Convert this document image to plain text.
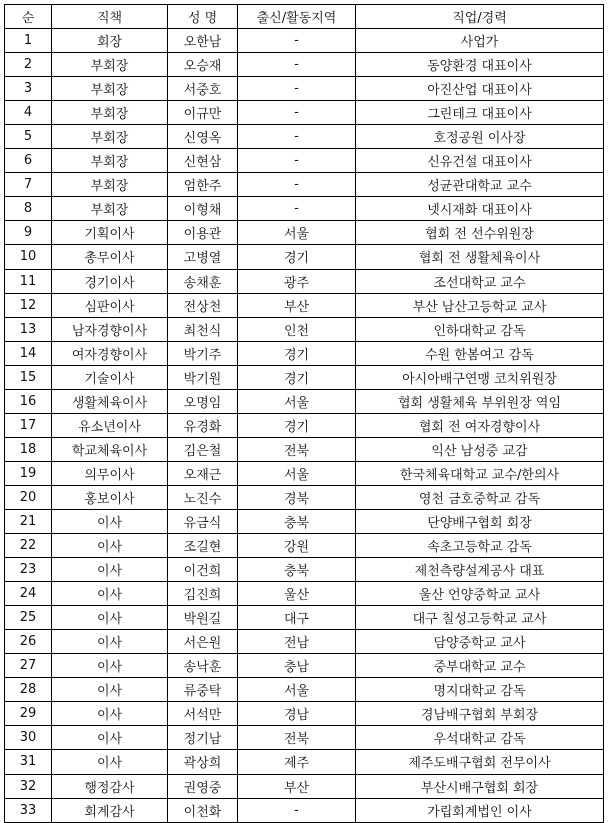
순	직책	성 명	출신/활동지역	직업/경력
1	회장	오한남	-	사업가
2	부회장	오승재	-	동양환경 대표이사
3	부회장	서중호	-	아진산업 대표이사
4	부회장	이규만	-	그린테크 대표이사
5	부회장	신영옥	-	호정공원 이사장
6	부회장	신현삼	-	신유건설 대표이사
7	부회장	엄한주	-	성균관대학교 교수
8	부회장	이형채	-	넷시재화 대표이사
9	기획이사	이용관	서울	협회 전 선수위원장
10	총무이사	고병열	경기	협회 전 생활체육이사
11	경기이사	송채훈	광주	조선대학교 교수
12	심판이사	전상천	부산	부산 남산고등학교 교사
13	남자경향이사	최천식	인천	인하대학교 감독
14	여자경향이사	박기주	경기	수원 한봄여고 감독
15	기술이사	박기원	경기	아시아배구연맹 코치위원장
16	생활체육이사	오명임	서울	협회 생활체육 부위원장 역임
17	유소년이사	유경화	경기	협회 전 여자경향이사
18	학교체육이사	김은철	전북	익산 남성중 교감
19	의무이사	오재근	서울	한국체육대학교 교수/한의사
20	홍보이사	노진수	경북	영천 금호중학교 감독
21	이사	유금식	충북	단양배구협회 회장
22	이사	조길현	강원	속초고등학교 감독
23	이사	이건희	충북	제천측량설계공사 대표
24	이사	김진희	울산	울산 언양중학교 교사
25	이사	박원길	대구	대구 칠성고등학교 교사
26	이사	서은원	전남	담양중학교 교사
27	이사	송낙훈	충남	중부대학교 교수
28	이사	류중탁	서울	명지대학교 감독
29	이사	서석만	경남	경남배구협회 부회장
30	이사	정기남	전북	우석대학교 감독
31	이사	곽상희	제주	제주도배구협회 전무이사
32	행정감사	권영중	부산	부산시배구협회 회장
33	회계감사	이천화	-	가립회계법인 이사
